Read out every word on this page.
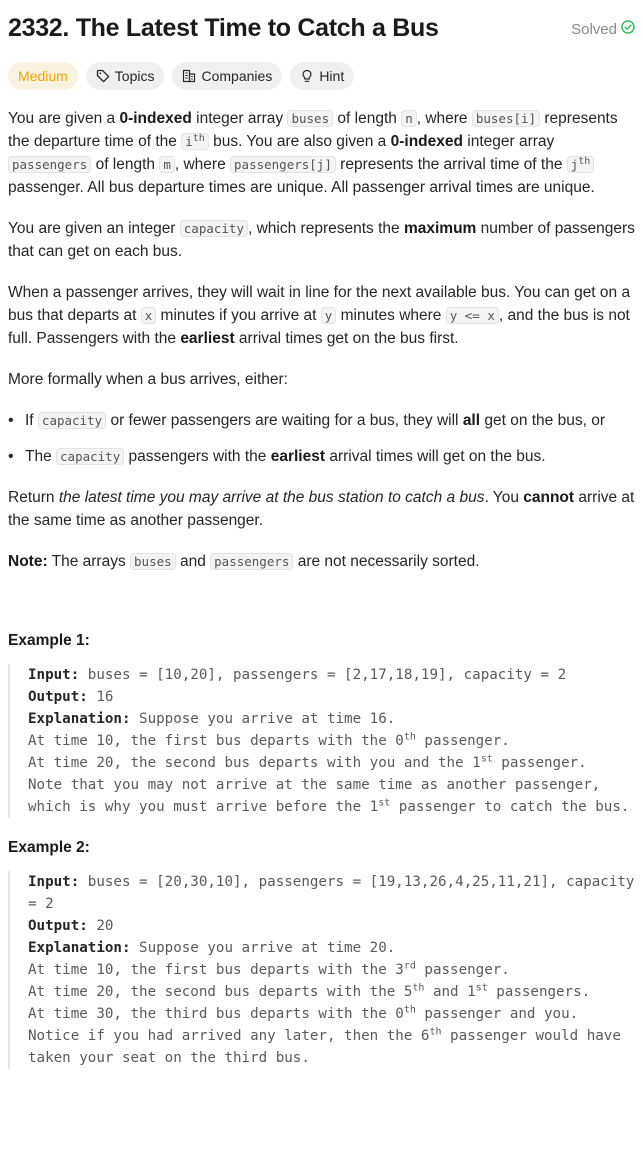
2332. The Latest Time to Catch a Bus	Solved
Medium	Topics	Companies	Hint

You are given a 0-indexed integer array buses of length n , where buses[i] represents the departure time of the $i^{th}$ bus. You are also given a 0-indexed integer array passengers of length m , where passengers[j] represents the arrival time of the $j^{th}$ passenger. All bus departure times are unique. All passenger arrival times are unique.

You are given an integer capacity , which represents the maximum number of passengers that can get on each bus.

When a passenger arrives, they will wait in line for the next available bus. You can get on a bus that departs at x minutes if you arrive at y minutes where y <= x , and the bus is not full. Passengers with the earliest arrival times get on the bus first.

More formally when a bus arrives, either:

• If capacity or fewer passengers are waiting for a bus, they will all get on the bus, or
• The capacity passengers with the earliest arrival times will get on the bus.

Return the latest time you may arrive at the bus station to catch a bus. You cannot arrive at the same time as another passenger.

Note: The arrays buses and passengers are not necessarily sorted.

Example 1:
Input: buses = [10,20], passengers = [2,17,18,19], capacity = 2
Output: 16
Explanation: Suppose you arrive at time 16.
At time 10, the first bus departs with the 0th passenger.
At time 20, the second bus departs with you and the 1st passenger.
Note that you may not arrive at the same time as another passenger, which is why you must arrive before the 1st passenger to catch the bus.
Example 2:
Input: buses = [20,30,10], passengers = [19,13,26,4,25,11,21], capacity = 2
Output: 20
Explanation: Suppose you arrive at time 20.
At time 10, the first bus departs with the 3rd passenger.
At time 20, the second bus departs with the 5th and 1st passengers.
At time 30, the third bus departs with the 0th passenger and you.
Notice if you had arrived any later, then the 6th passenger would have taken your seat on the third bus.
